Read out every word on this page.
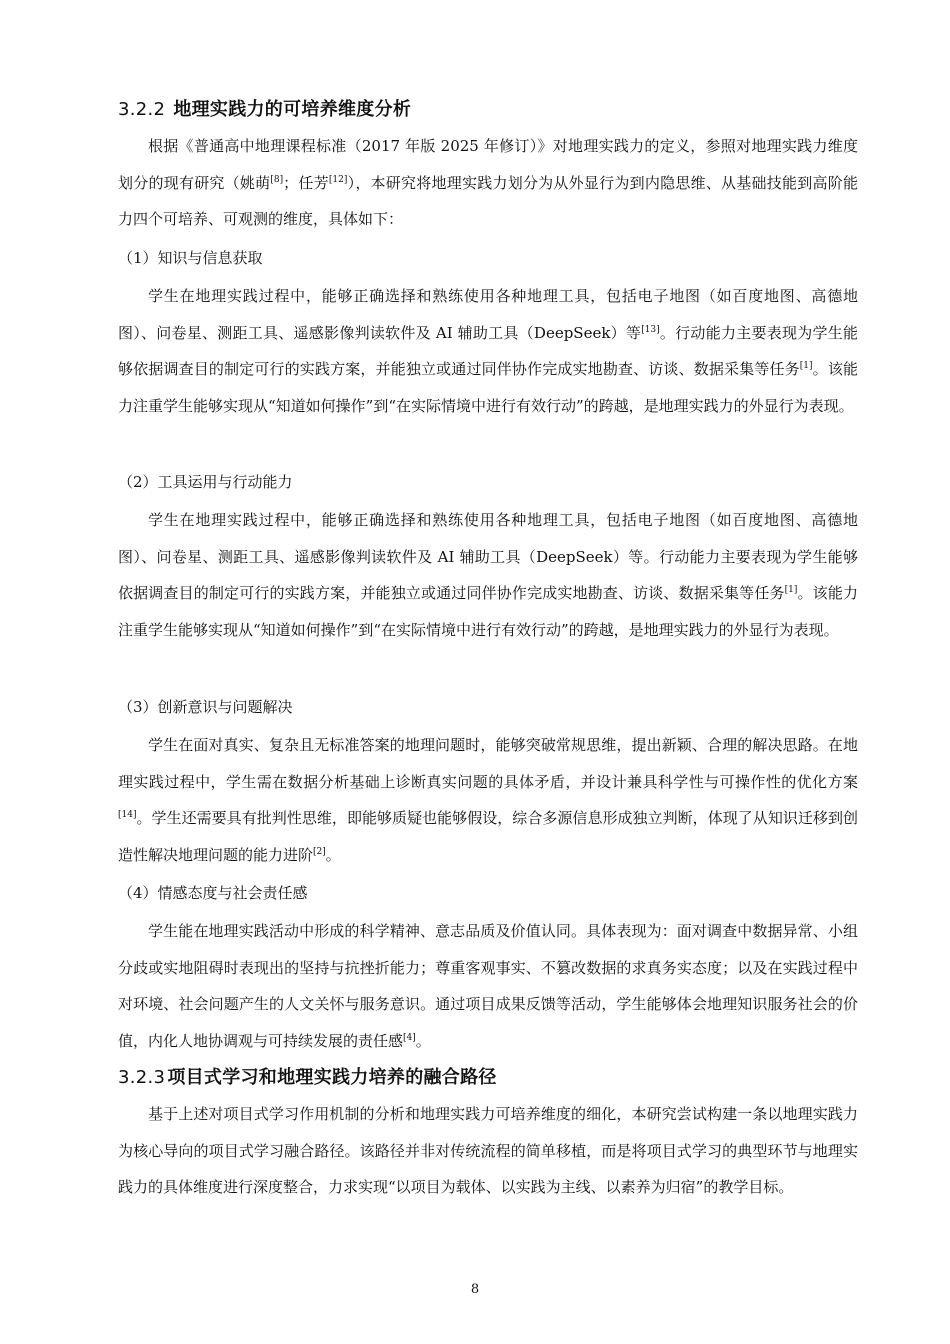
3.2.2 地理实践力的可培养维度分析

根据《普通高中地理课程标准（2017 年版 2025 年修订）》对地理实践力的定义，参照对地理实践力维度划分的现有研究（姚萌[8]；任芳[12]），本研究将地理实践力划分为从外显行为到内隐思维、从基础技能到高阶能力四个可培养、可观测的维度，具体如下：

（1）知识与信息获取

学生在地理实践过程中，能够正确选择和熟练使用各种地理工具，包括电子地图（如百度地图、高德地图）、问卷星、测距工具、遥感影像判读软件及 AI 辅助工具（DeepSeek）等[13]。行动能力主要表现为学生能够依据调查目的制定可行的实践方案，并能独立或通过同伴协作完成实地勘查、访谈、数据采集等任务[1]。该能力注重学生能够实现从“知道如何操作”到“在实际情境中进行有效行动”的跨越，是地理实践力的外显行为表现。

（2）工具运用与行动能力

学生在地理实践过程中，能够正确选择和熟练使用各种地理工具，包括电子地图（如百度地图、高德地图）、问卷星、测距工具、遥感影像判读软件及 AI 辅助工具（DeepSeek）等。行动能力主要表现为学生能够依据调查目的制定可行的实践方案，并能独立或通过同伴协作完成实地勘查、访谈、数据采集等任务[1]。该能力注重学生能够实现从“知道如何操作”到“在实际情境中进行有效行动”的跨越，是地理实践力的外显行为表现。

（3）创新意识与问题解决

学生在面对真实、复杂且无标准答案的地理问题时，能够突破常规思维，提出新颖、合理的解决思路。在地理实践过程中，学生需在数据分析基础上诊断真实问题的具体矛盾，并设计兼具科学性与可操作性的优化方案[14]。学生还需要具有批判性思维，即能够质疑也能够假设，综合多源信息形成独立判断，体现了从知识迁移到创造性解决地理问题的能力进阶[2]。

（4）情感态度与社会责任感

学生能在地理实践活动中形成的科学精神、意志品质及价值认同。具体表现为：面对调查中数据异常、小组分歧或实地阻碍时表现出的坚持与抗挫折能力；尊重客观事实、不篡改数据的求真务实态度；以及在实践过程中对环境、社会问题产生的人文关怀与服务意识。通过项目成果反馈等活动，学生能够体会地理知识服务社会的价值，内化人地协调观与可持续发展的责任感[4]。

3.2.3 项目式学习和地理实践力培养的融合路径

基于上述对项目式学习作用机制的分析和地理实践力可培养维度的细化，本研究尝试构建一条以地理实践力为核心导向的项目式学习融合路径。该路径并非对传统流程的简单移植，而是将项目式学习的典型环节与地理实践力的具体维度进行深度整合，力求实现“以项目为载体、以实践为主线、以素养为归宿”的教学目标。

8
